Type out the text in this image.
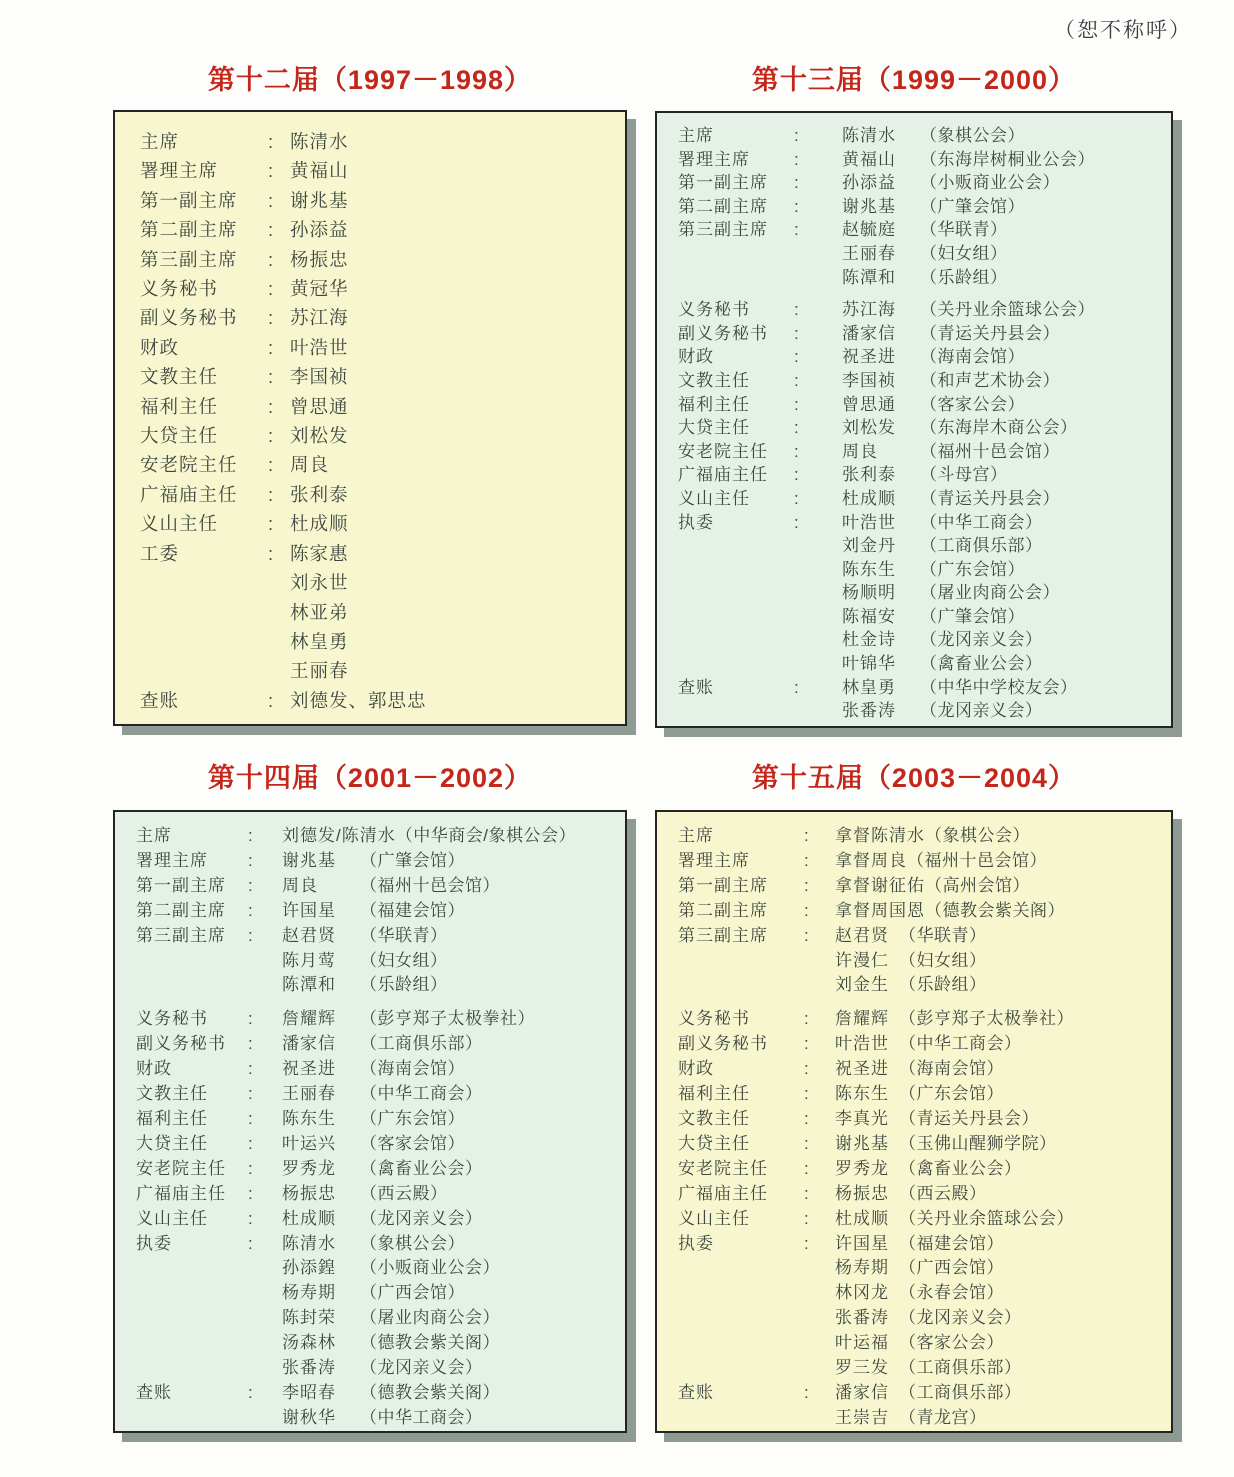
（恕不称呼）
第十二届（1997－1998）	第十三届（1999－2000）
第十四届（2001－2002）	第十五届（2003－2004）
主席	: 陈清水
署理主席	: 黄福山
第一副主席	: 谢兆基
第二副主席	: 孙添益
第三副主席	: 杨振忠
义务秘书	: 黄冠华
副义务秘书	: 苏江海
财政	: 叶浩世
文教主任	: 李国祯
福利主任	: 曾思通
大贷主任	: 刘松发
安老院主任	: 周良
广福庙主任	: 张利泰
义山主任	: 杜成顺
工委	: 陈家惠
刘永世
林亚弟
林皇勇
王丽春
查账	: 刘德发、郭思忠
主席	:	陈清水	（象棋公会）
署理主席	:	黄福山	（东海岸树桐业公会）
第一副主席	:	孙添益	（小贩商业公会）
第二副主席	:	谢兆基	（广肇会馆）
第三副主席	:	赵毓庭	（华联青）
王丽春	（妇女组）
陈潭和	（乐龄组）
义务秘书	:	苏江海	（关丹业余篮球公会）
副义务秘书	:	潘家信	（青运关丹县会）
财政	:	祝圣进	（海南会馆）
文教主任	:	李国祯	（和声艺术协会）
福利主任	:	曾思通	（客家公会）
大贷主任	:	刘松发	（东海岸木商公会）
安老院主任	:	周良	（福州十邑会馆）
广福庙主任	:	张利泰	（斗母宫）
义山主任	:	杜成顺	（青运关丹县会）
执委	:	叶浩世	（中华工商会）
刘金丹	（工商俱乐部）
陈东生	（广东会馆）
杨顺明	（屠业肉商公会）
陈福安	（广肇会馆）
杜金诗	（龙冈亲义会）
叶锦华	（禽畜业公会）
查账	:	林皇勇	（中华中学校友会）
张番涛	（龙冈亲义会）
主席	:	刘德发/陈清水 （中华商会/象棋公会）
署理主席	:	谢兆基	（广肇会馆）
第一副主席	:	周良	（福州十邑会馆）
第二副主席	:	许国星	（福建会馆）
第三副主席	:	赵君贤	（华联青）
陈月莺	（妇女组）
陈潭和	（乐龄组）
义务秘书	:	詹耀辉	（彭亨郑子太极拳社）
副义务秘书	:	潘家信	（工商俱乐部）
财政	:	祝圣进	（海南会馆）
文教主任	:	王丽春	（中华工商会）
福利主任	:	陈东生	（广东会馆）
大贷主任	:	叶运兴	（客家会馆）
安老院主任	:	罗秀龙	（禽畜业公会）
广福庙主任	:	杨振忠	（西云殿）
义山主任	:	杜成顺	（龙冈亲义会）
执委	:	陈清水	（象棋公会）
孙添鍠	（小贩商业公会）
杨寿期	（广西会馆）
陈封荣	（屠业肉商公会）
汤森林	（德教会紫关阁）
张番涛	（龙冈亲义会）
查账	:	李昭春	（德教会紫关阁）
谢秋华	（中华工商会）
主席	:	拿督陈清水 （象棋公会）
署理主席	:	拿督周良 （福州十邑会馆）
第一副主席	:	拿督谢征佑 （高州会馆）
第二副主席	:	拿督周国恩 （德教会紫关阁）
第三副主席	:	赵君贤 （华联青）
许漫仁 （妇女组）
刘金生 （乐龄组）
义务秘书	:	詹耀辉 （彭亨郑子太极拳社）
副义务秘书	:	叶浩世 （中华工商会）
财政	:	祝圣进 （海南会馆）
福利主任	:	陈东生 （广东会馆）
文教主任	:	李真光 （青运关丹县会）
大贷主任	:	谢兆基 （玉佛山醒狮学院）
安老院主任	:	罗秀龙 （禽畜业公会）
广福庙主任	:	杨振忠 （西云殿）
义山主任	:	杜成顺 （关丹业余篮球公会）
执委	:	许国星 （福建会馆）
杨寿期 （广西会馆）
林冈龙 （永春会馆）
张番涛 （龙冈亲义会）
叶运福 （客家公会）
罗三发 （工商俱乐部）
查账	:	潘家信 （工商俱乐部）
王崇吉 （青龙宫）
